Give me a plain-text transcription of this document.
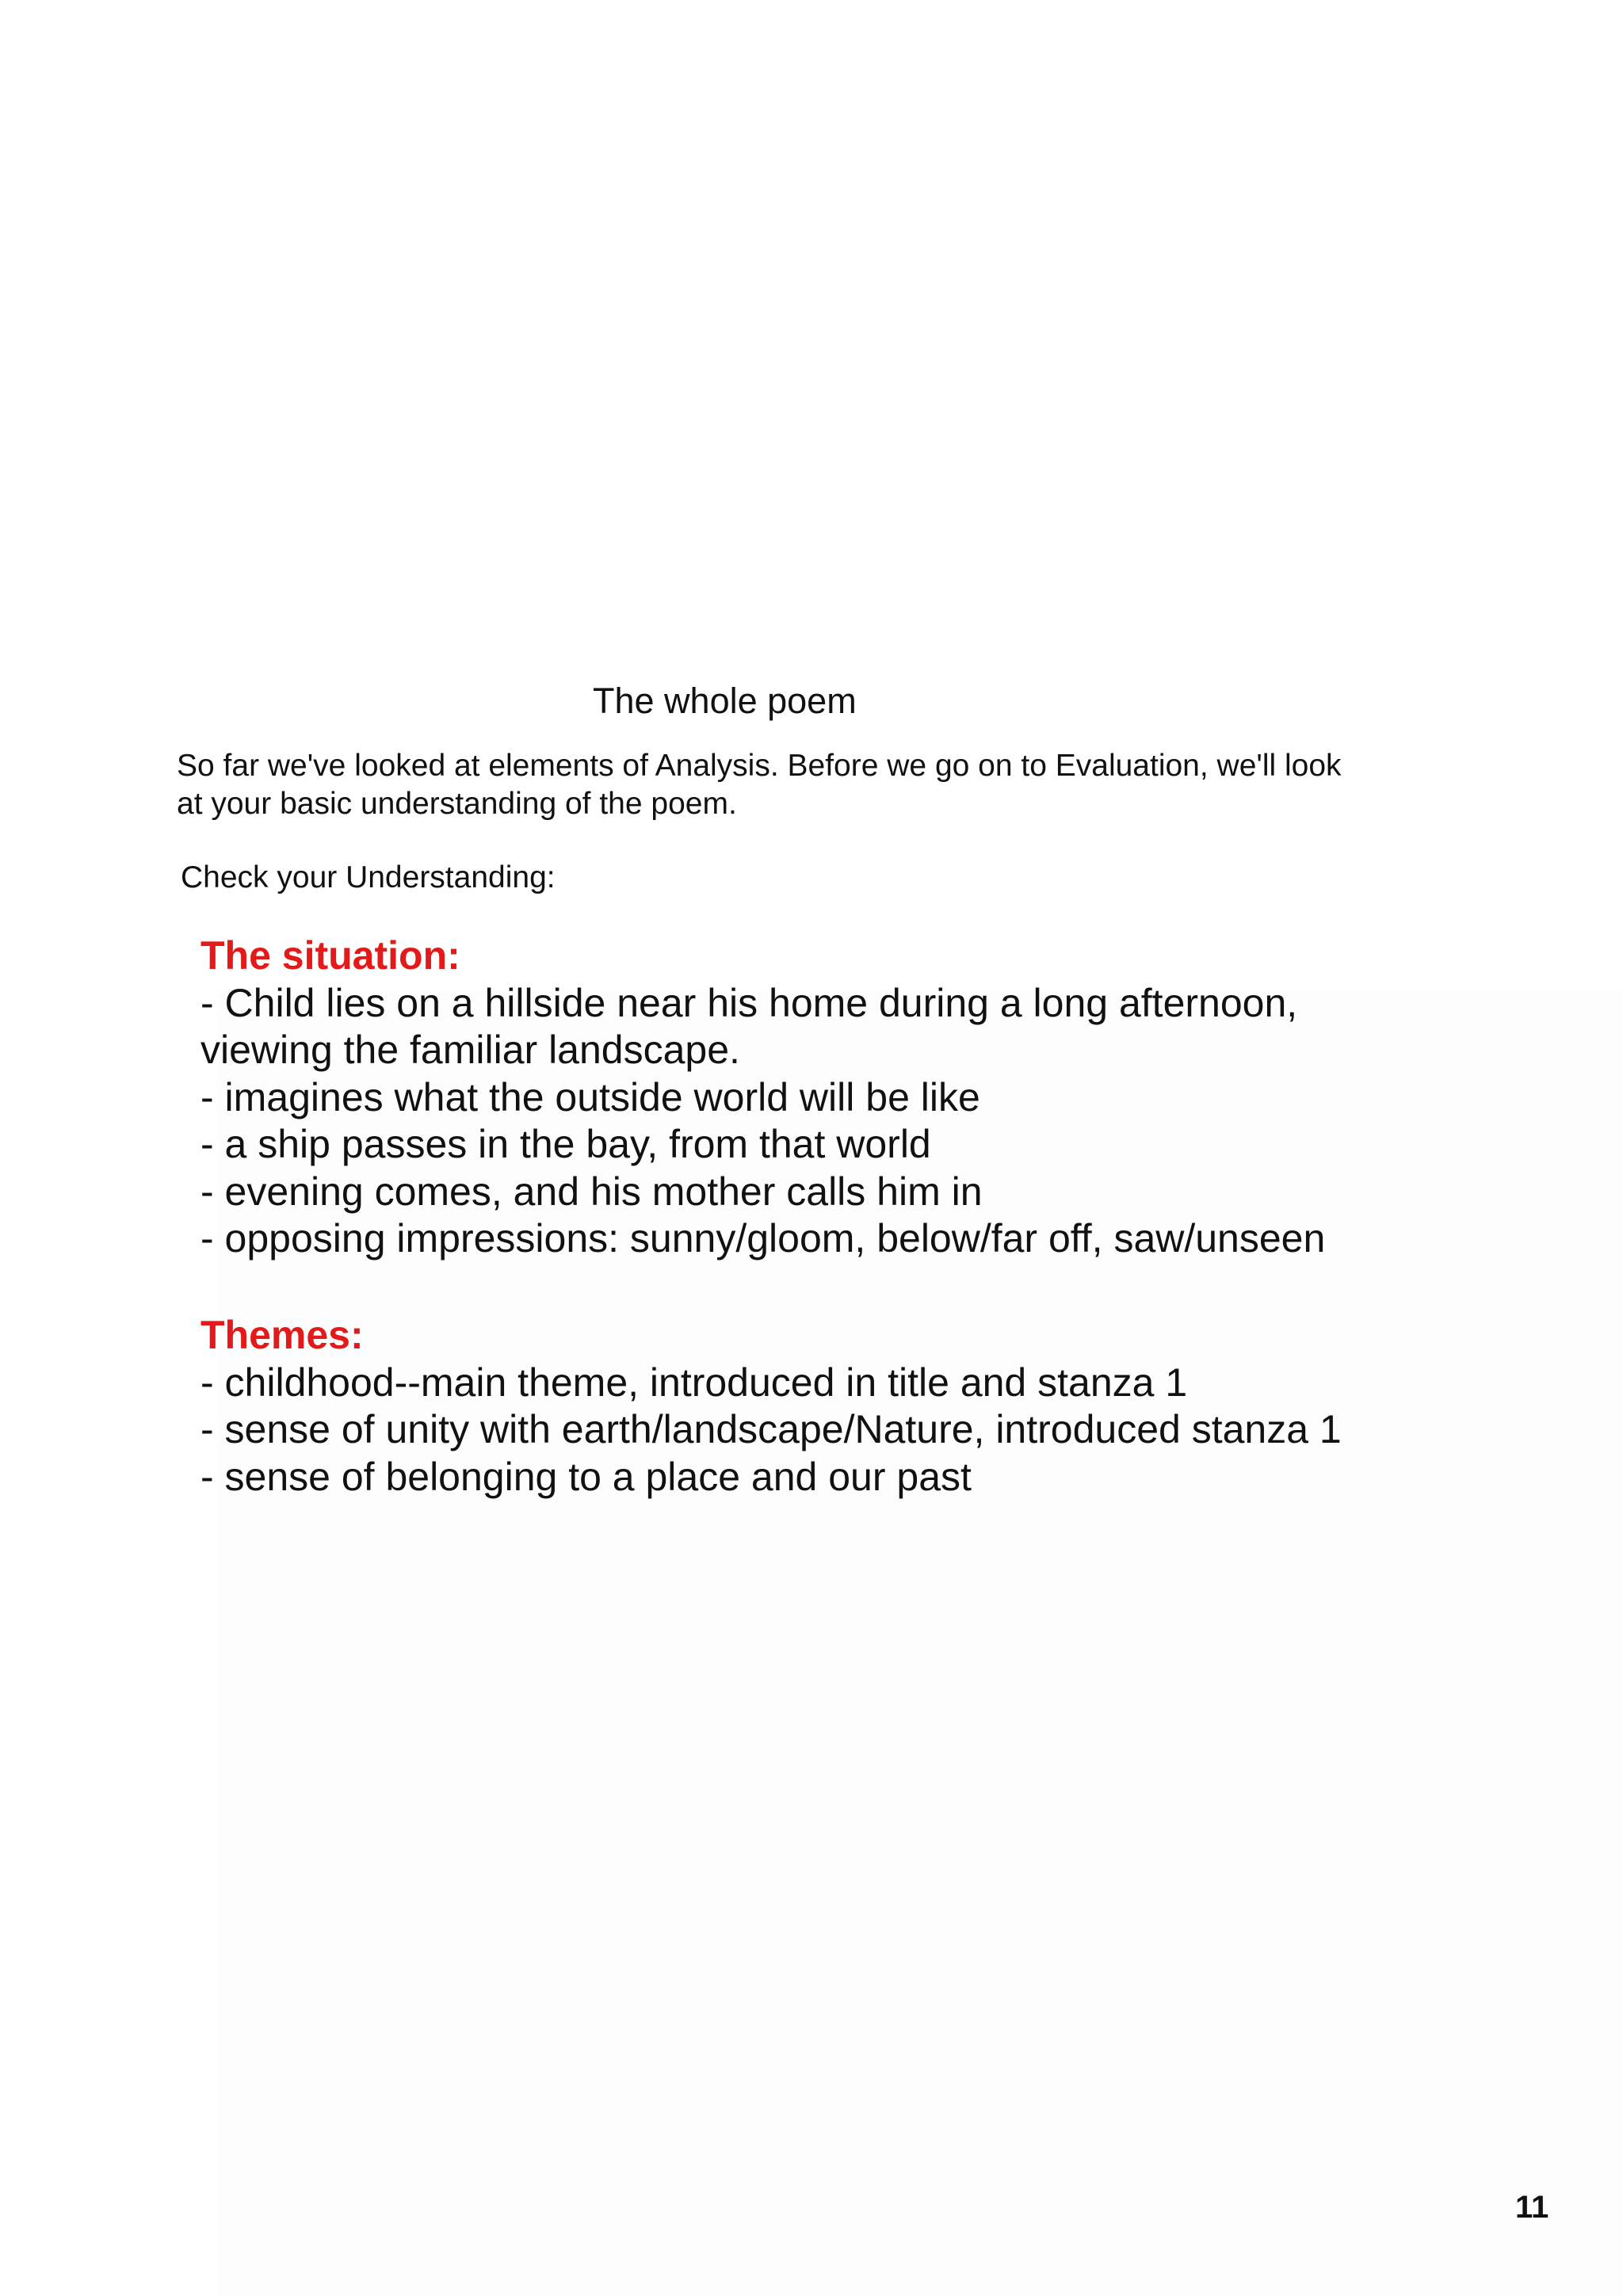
The whole poem
So far we've looked at elements of Analysis. Before we go on to Evaluation, we'll look
at your basic understanding of the poem.
Check your Understanding:
The situation:
- Child lies on a hillside near his home during a long afternoon,
viewing the familiar landscape.
- imagines what the outside world will be like
- a ship passes in the bay, from that world
- evening comes, and his mother calls him in
- opposing impressions: sunny/gloom, below/far off, saw/unseen
Themes:
- childhood--main theme, introduced in title and stanza 1
- sense of unity with earth/landscape/Nature, introduced stanza 1
- sense of belonging to a place and our past
11
